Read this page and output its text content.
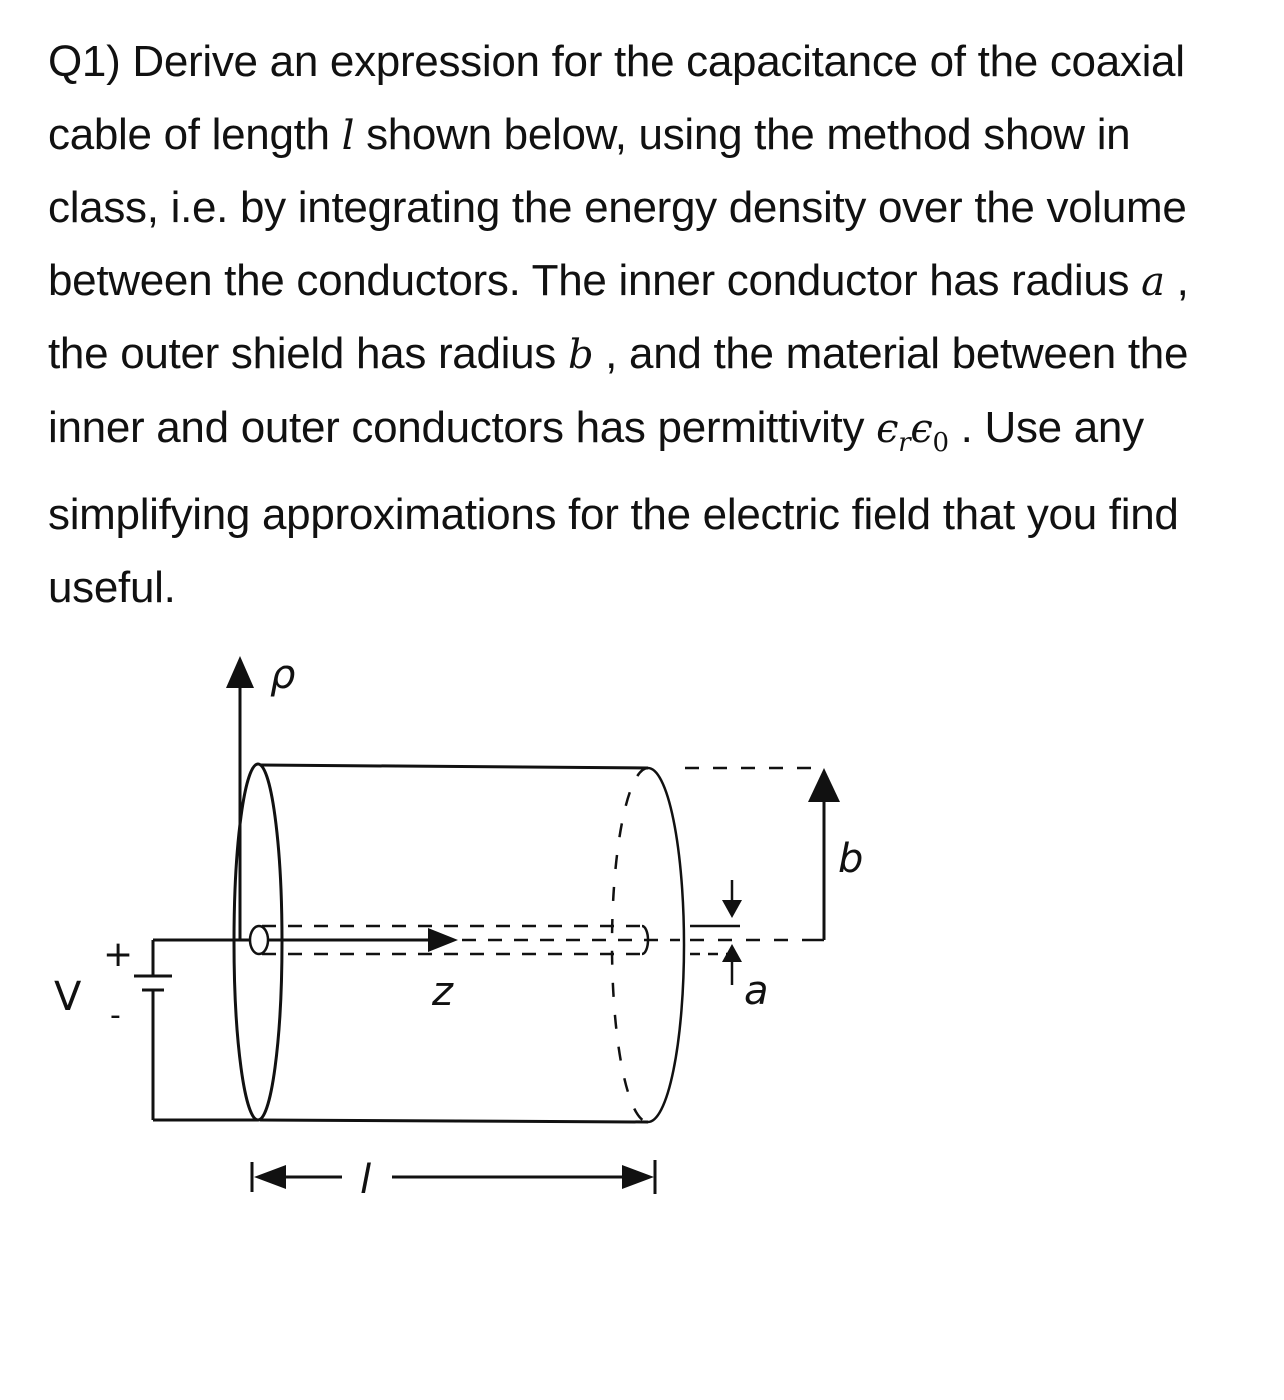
Q1) Derive an expression for the capacitance of the coaxial cable of length l shown below, using the method show in class, i.e. by integrating the energy density over the volume between the conductors. The inner conductor has radius a , the outer shield has radius b , and the material between the inner and outer conductors has permittivity $\epsilon_r\epsilon_0$ . Use any simplifying approximations for the electric field that you find useful.
ρ
z
b
a
V
+
-
l
